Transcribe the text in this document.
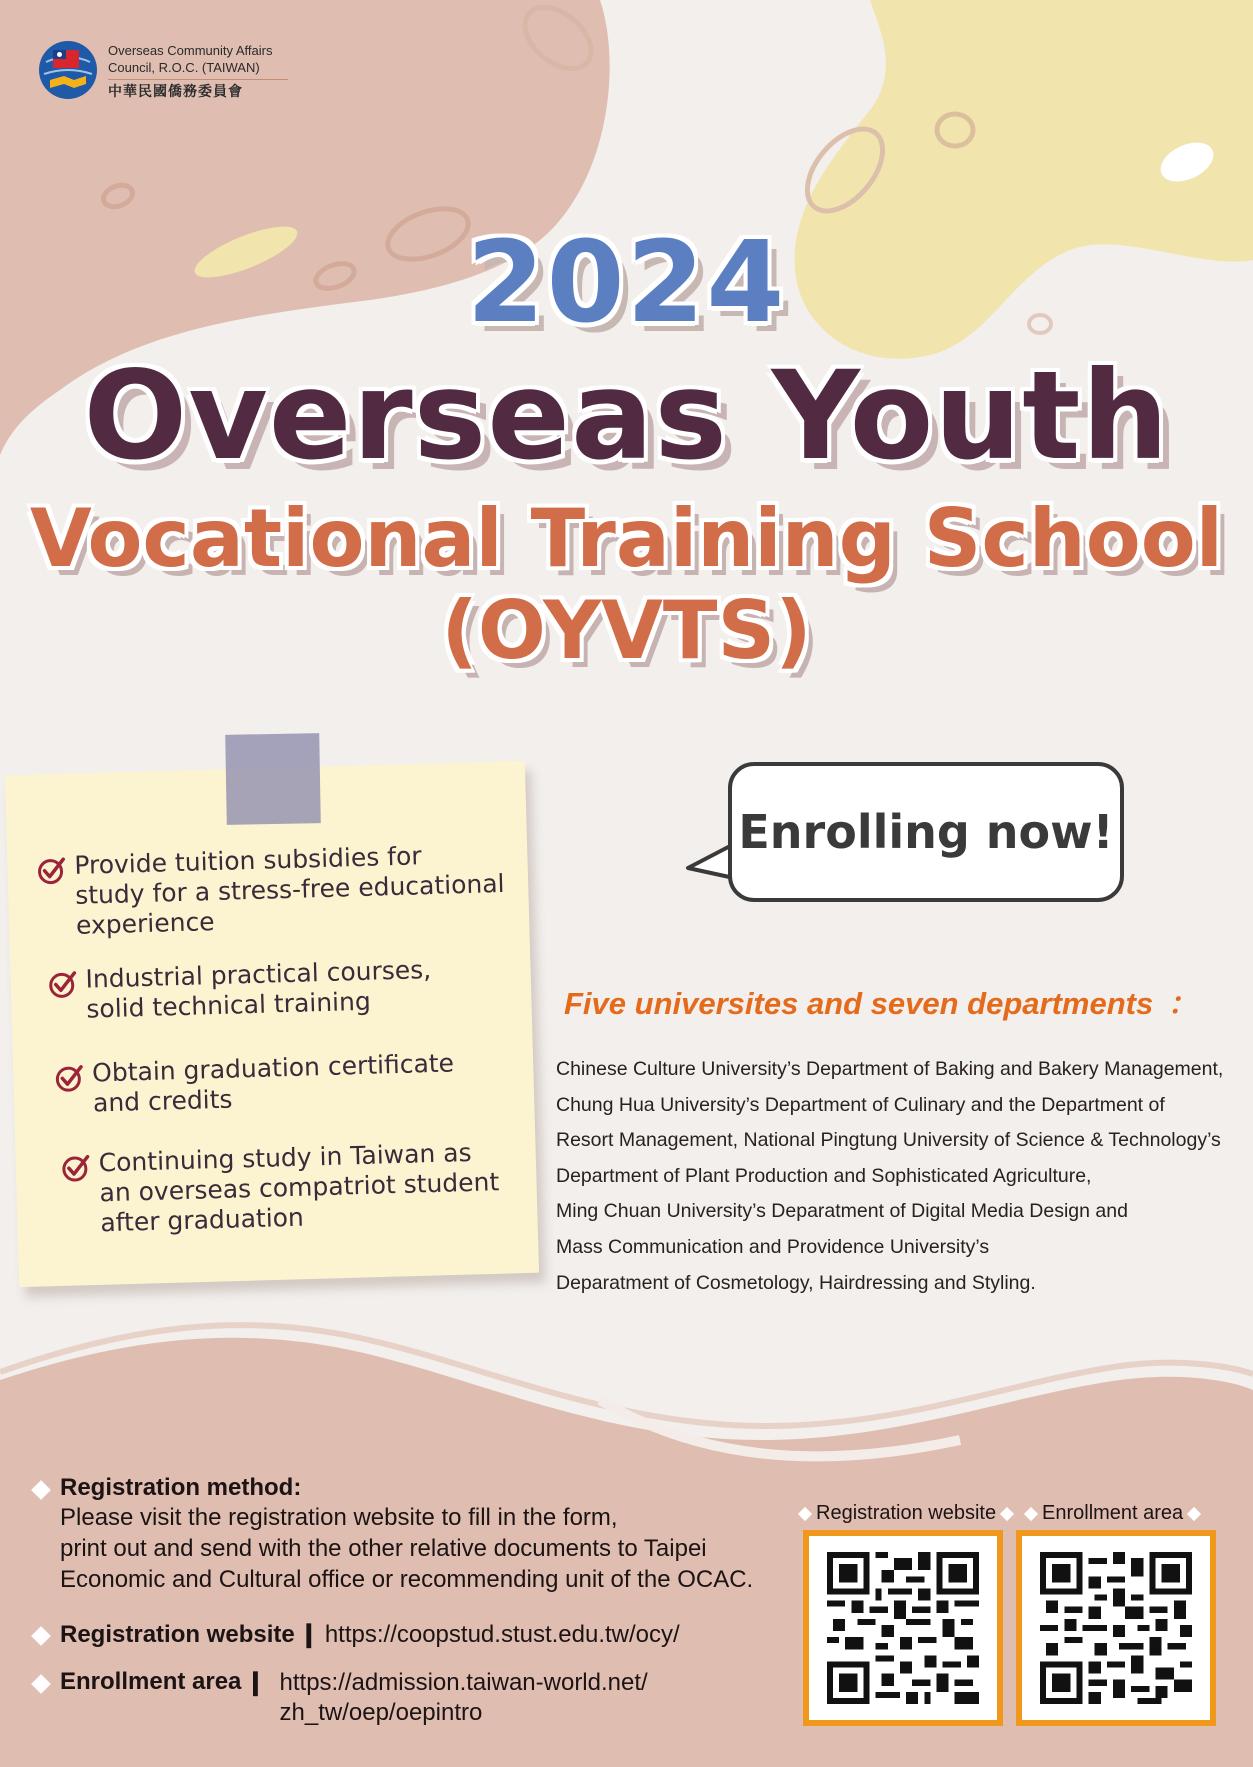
Overseas Community Affairs
Council, R.O.C. (TAIWAN)
中華民國僑務委員會
2024
Overseas Youth
Vocational Training School
(OYVTS)
Provide tuition subsidies for
study for a stress-free educational
experience
Industrial practical courses,
solid technical training
Obtain graduation certificate
and credits
Continuing study in Taiwan as
an overseas compatriot student
after graduation
Enrolling now!
Five universites and seven departments ：
Chinese Culture University’s Department of Baking and Bakery Management,
Chung Hua University’s Department of Culinary and the Department of
Resort Management, National Pingtung University of Science & Technology’s
Department of Plant Production and Sophisticated Agriculture,
Ming Chuan University’s Deparatment of Digital Media Design and
Mass Communication and Providence University’s
Deparatment of Cosmetology, Hairdressing and Styling.
Registration method:
Please visit the registration website to fill in the form,
print out and send with the other relative documents to Taipei
Economic and Cultural office or recommending unit of the OCAC.
Registration website ❙ https://coopstud.stust.edu.tw/ocy/
Enrollment area ❙ https://admission.taiwan-world.net/
zh_tw/oep/oepintro
Registration website Enrollment area
